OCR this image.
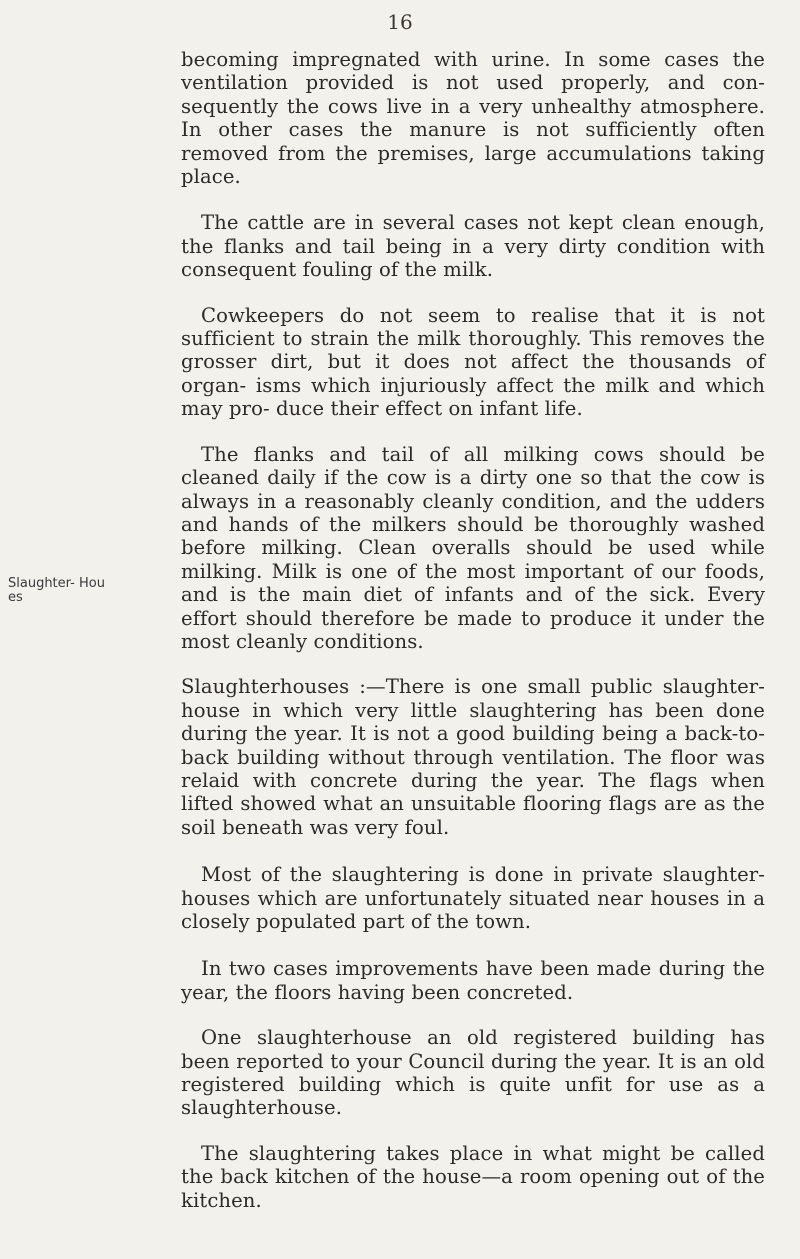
16
Slaughter- Hou es

becoming impregnated with urine. In some cases the ventilation provided is not used properly, and con- sequently the cows live in a very unhealthy atmosphere. In other cases the manure is not sufficiently often removed from the premises, large accumulations taking place.

The cattle are in several cases not kept clean enough, the flanks and tail being in a very dirty condition with consequent fouling of the milk.

Cowkeepers do not seem to realise that it is not sufficient to strain the milk thoroughly. This removes the grosser dirt, but it does not affect the thousands of organ- isms which injuriously affect the milk and which may pro- duce their effect on infant life.

The flanks and tail of all milking cows should be cleaned daily if the cow is a dirty one so that the cow is always in a reasonably cleanly condition, and the udders and hands of the milkers should be thoroughly washed before milking. Clean overalls should be used while milking. Milk is one of the most important of our foods, and is the main diet of infants and of the sick. Every effort should therefore be made to produce it under the most cleanly conditions.

Slaughterhouses :—There is one small public slaughter- house in which very little slaughtering has been done during the year. It is not a good building being a back-to- back building without through ventilation. The floor was relaid with concrete during the year. The flags when lifted showed what an unsuitable flooring flags are as the soil beneath was very foul.

Most of the slaughtering is done in private slaughter- houses which are unfortunately situated near houses in a closely populated part of the town.

In two cases improvements have been made during the year, the floors having been concreted.

One slaughterhouse an old registered building has been reported to your Council during the year. It is an old registered building which is quite unfit for use as a slaughterhouse.

The slaughtering takes place in what might be called the back kitchen of the house—a room opening out of the kitchen.
